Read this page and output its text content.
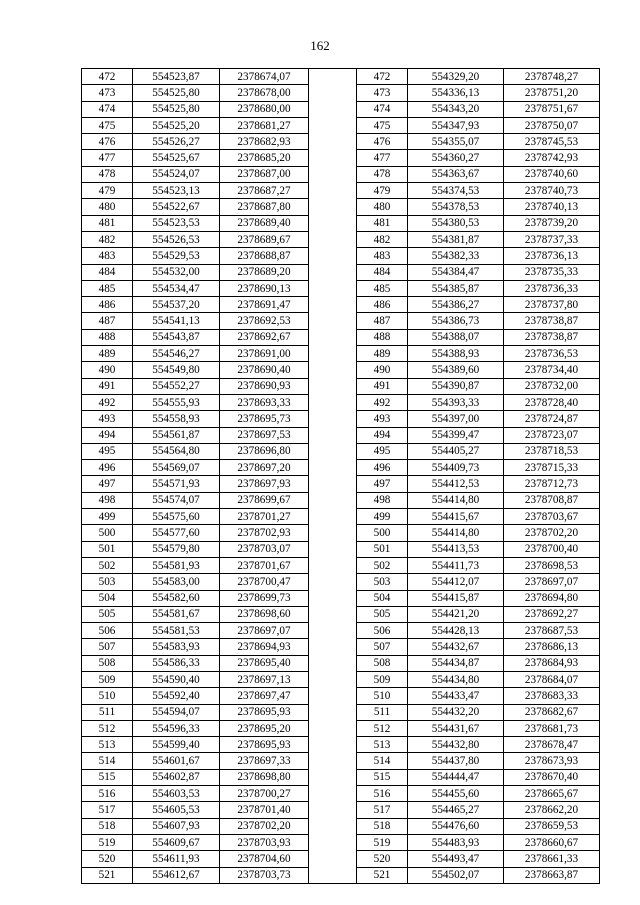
162
472	554523,87	2378674,07		472	554329,20	2378748,27
473	554525,80	2378678,00		473	554336,13	2378751,20
474	554525,80	2378680,00		474	554343,20	2378751,67
475	554525,20	2378681,27		475	554347,93	2378750,07
476	554526,27	2378682,93		476	554355,07	2378745,53
477	554525,67	2378685,20		477	554360,27	2378742,93
478	554524,07	2378687,00		478	554363,67	2378740,60
479	554523,13	2378687,27		479	554374,53	2378740,73
480	554522,67	2378687,80		480	554378,53	2378740,13
481	554523,53	2378689,40		481	554380,53	2378739,20
482	554526,53	2378689,67		482	554381,87	2378737,33
483	554529,53	2378688,87		483	554382,33	2378736,13
484	554532,00	2378689,20		484	554384,47	2378735,33
485	554534,47	2378690,13		485	554385,87	2378736,33
486	554537,20	2378691,47		486	554386,27	2378737,80
487	554541,13	2378692,53		487	554386,73	2378738,87
488	554543,87	2378692,67		488	554388,07	2378738,87
489	554546,27	2378691,00		489	554388,93	2378736,53
490	554549,80	2378690,40		490	554389,60	2378734,40
491	554552,27	2378690,93		491	554390,87	2378732,00
492	554555,93	2378693,33		492	554393,33	2378728,40
493	554558,93	2378695,73		493	554397,00	2378724,87
494	554561,87	2378697,53		494	554399,47	2378723,07
495	554564,80	2378696,80		495	554405,27	2378718,53
496	554569,07	2378697,20		496	554409,73	2378715,33
497	554571,93	2378697,93		497	554412,53	2378712,73
498	554574,07	2378699,67		498	554414,80	2378708,87
499	554575,60	2378701,27		499	554415,67	2378703,67
500	554577,60	2378702,93		500	554414,80	2378702,20
501	554579,80	2378703,07		501	554413,53	2378700,40
502	554581,93	2378701,67		502	554411,73	2378698,53
503	554583,00	2378700,47		503	554412,07	2378697,07
504	554582,60	2378699,73		504	554415,87	2378694,80
505	554581,67	2378698,60		505	554421,20	2378692,27
506	554581,53	2378697,07		506	554428,13	2378687,53
507	554583,93	2378694,93		507	554432,67	2378686,13
508	554586,33	2378695,40		508	554434,87	2378684,93
509	554590,40	2378697,13		509	554434,80	2378684,07
510	554592,40	2378697,47		510	554433,47	2378683,33
511	554594,07	2378695,93		511	554432,20	2378682,67
512	554596,33	2378695,20		512	554431,67	2378681,73
513	554599,40	2378695,93		513	554432,80	2378678,47
514	554601,67	2378697,33		514	554437,80	2378673,93
515	554602,87	2378698,80		515	554444,47	2378670,40
516	554603,53	2378700,27		516	554455,60	2378665,67
517	554605,53	2378701,40		517	554465,27	2378662,20
518	554607,93	2378702,20		518	554476,60	2378659,53
519	554609,67	2378703,93		519	554483,93	2378660,67
520	554611,93	2378704,60		520	554493,47	2378661,33
521	554612,67	2378703,73		521	554502,07	2378663,87
